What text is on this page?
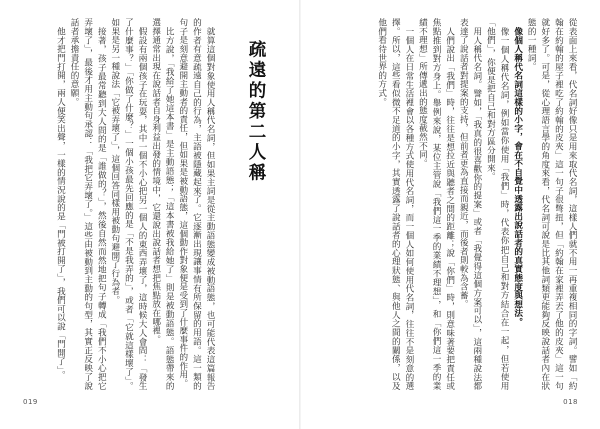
疏遠的第二人稱

就算這個對象使用人稱代名詞，但如果主詞是從主動語態變成被動語態，也可能代表這篇報告的作者有意疏遠自己的行為，主語被隱藏起來了。它逐漸出現讓事情有所保留的用語。這一類的句子是刻意避開主動者的責任，但如果是被動語態，這個動作對象便是受到了什麼事件的作用。

比方說，「我給了她這本書」是主動語態；「這本書被我給她了」則是被動語態。語態帶來的選擇通常出現在說話者自身利益出發的情境中，它還說出說話者想把焦點放在哪裡。

假設有兩個孩子在玩耍，其中一個不小心把另一個人的東西弄壞了，這時候大人會問：「發生了什麼事？」「你做了什麼？」一個小孩最先回應的是「不是我弄的」，或者「它就這樣壞了」。如果是另一種說法「它被弄壞了」，這個回答同樣用被動句避開了行為者。

接著，孩子最常聽到大人問的是「誰做的？」，然後自然而然地把句子轉成「我們不小心把它弄壞了」，最後才用主動句承認：「我把它弄壞了。」這些由被動到主動的句型，其實正反映了說話者承擔責任的意願。

他才把門打開，兩人便笑出聲，一樣的情況說的是「門被打開了」，我們可以說「門開了」。

019

從表面上來看，代名詞好像只是用來取代名詞，這樣人們就不用一再重複相同的字詞。譬如「約翰在約翰的屋子裡吃了約翰的皮夾」這一句子很彆扭，但「約翰在家裡弄丟了他的皮夾」這一句就好多了。可是，從心理語言學的角度來看，代名詞可說是比其他詞類更能夠反映說話者內在狀態的一種詞。

像個人稱代名詞這樣的小字，會在不自覺中透露出說話者的真實態度與想法。

像一個人稱代名詞，例如當你使用「我們」時，代表你把自己和對方結合在一起，但若使用「他們」，你便是把自己和對方區分開來。

用人稱代名詞。譬如，「我真的很喜歡你的提案」或者「我覺得這個方案可以」，這兩種說法都表達了說話者對提案的支持，但前者更為直接而親近，而後者則較為含蓄。

人們說出「我們」時，往往是想拉近與聽者之間的距離；說「你們」時，則意味著要把責任或焦點推到對方身上。舉例來說，某位主管說「我們這一季的業績不理想」，和「你們這一季的業績不理想」所傳遞出的態度截然不同。

一個人在日常生活裡會以各種方式使用代名詞，而一個人如何使用代名詞，往往不是刻意的選擇。所以，這些看似微不足道的小字，其實透露了說話者的心理狀態、與他人之間的關係，以及他們看待世界的方式。

018
